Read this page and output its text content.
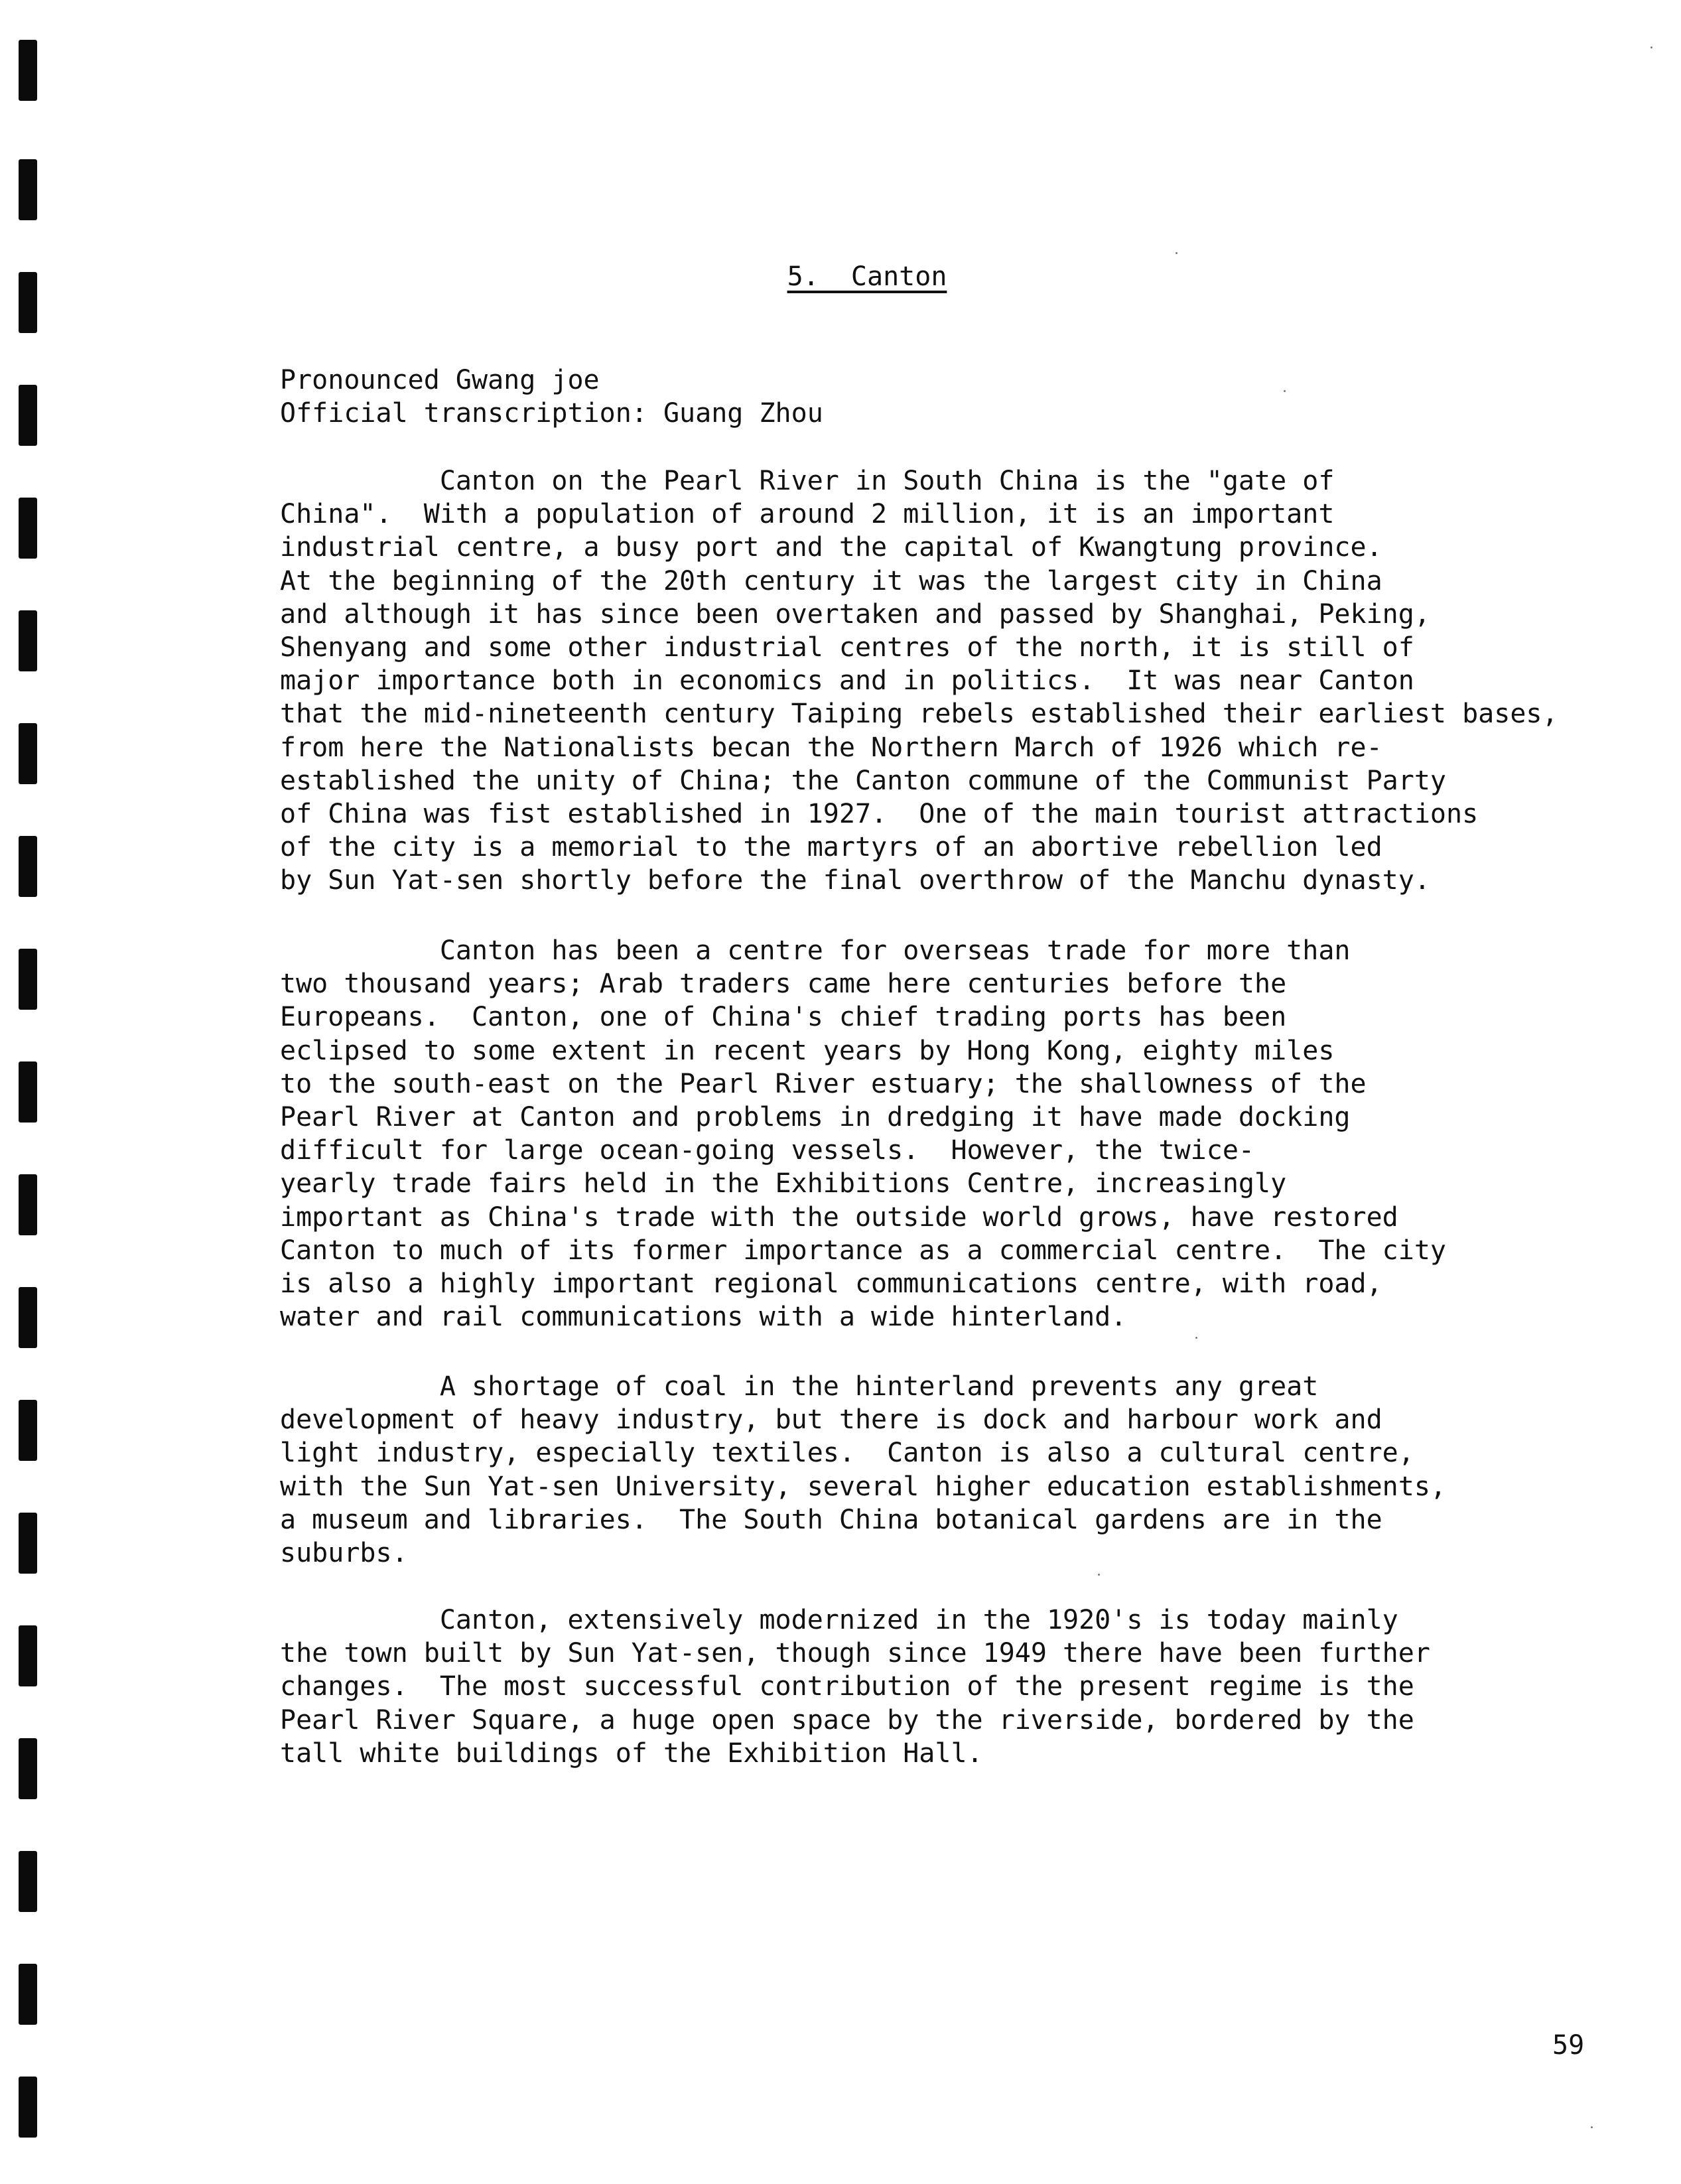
5.  Canton
Pronounced Gwang joe
Official transcription: Guang Zhou

Canton on the Pearl River in South China is the "gate of
China".  With a population of around 2 million, it is an important
industrial centre, a busy port and the capital of Kwangtung province.
At the beginning of the 20th century it was the largest city in China
and although it has since been overtaken and passed by Shanghai, Peking,
Shenyang and some other industrial centres of the north, it is still of
major importance both in economics and in politics.  It was near Canton
that the mid-nineteenth century Taiping rebels established their earliest bases,
from here the Nationalists becan the Northern March of 1926 which re-
established the unity of China; the Canton commune of the Communist Party
of China was fist established in 1927.  One of the main tourist attractions
of the city is a memorial to the martyrs of an abortive rebellion led
by Sun Yat-sen shortly before the final overthrow of the Manchu dynasty.

Canton has been a centre for overseas trade for more than
two thousand years; Arab traders came here centuries before the
Europeans.  Canton, one of China's chief trading ports has been
eclipsed to some extent in recent years by Hong Kong, eighty miles
to the south-east on the Pearl River estuary; the shallowness of the
Pearl River at Canton and problems in dredging it have made docking
difficult for large ocean-going vessels.  However, the twice-
yearly trade fairs held in the Exhibitions Centre, increasingly
important as China's trade with the outside world grows, have restored
Canton to much of its former importance as a commercial centre.  The city
is also a highly important regional communications centre, with road,
water and rail communications with a wide hinterland.

A shortage of coal in the hinterland prevents any great
development of heavy industry, but there is dock and harbour work and
light industry, especially textiles.  Canton is also a cultural centre,
with the Sun Yat-sen University, several higher education establishments,
a museum and libraries.  The South China botanical gardens are in the
suburbs.

Canton, extensively modernized in the 1920's is today mainly
the town built by Sun Yat-sen, though since 1949 there have been further
changes.  The most successful contribution of the present regime is the
Pearl River Square, a huge open space by the riverside, bordered by the
tall white buildings of the Exhibition Hall.

59
